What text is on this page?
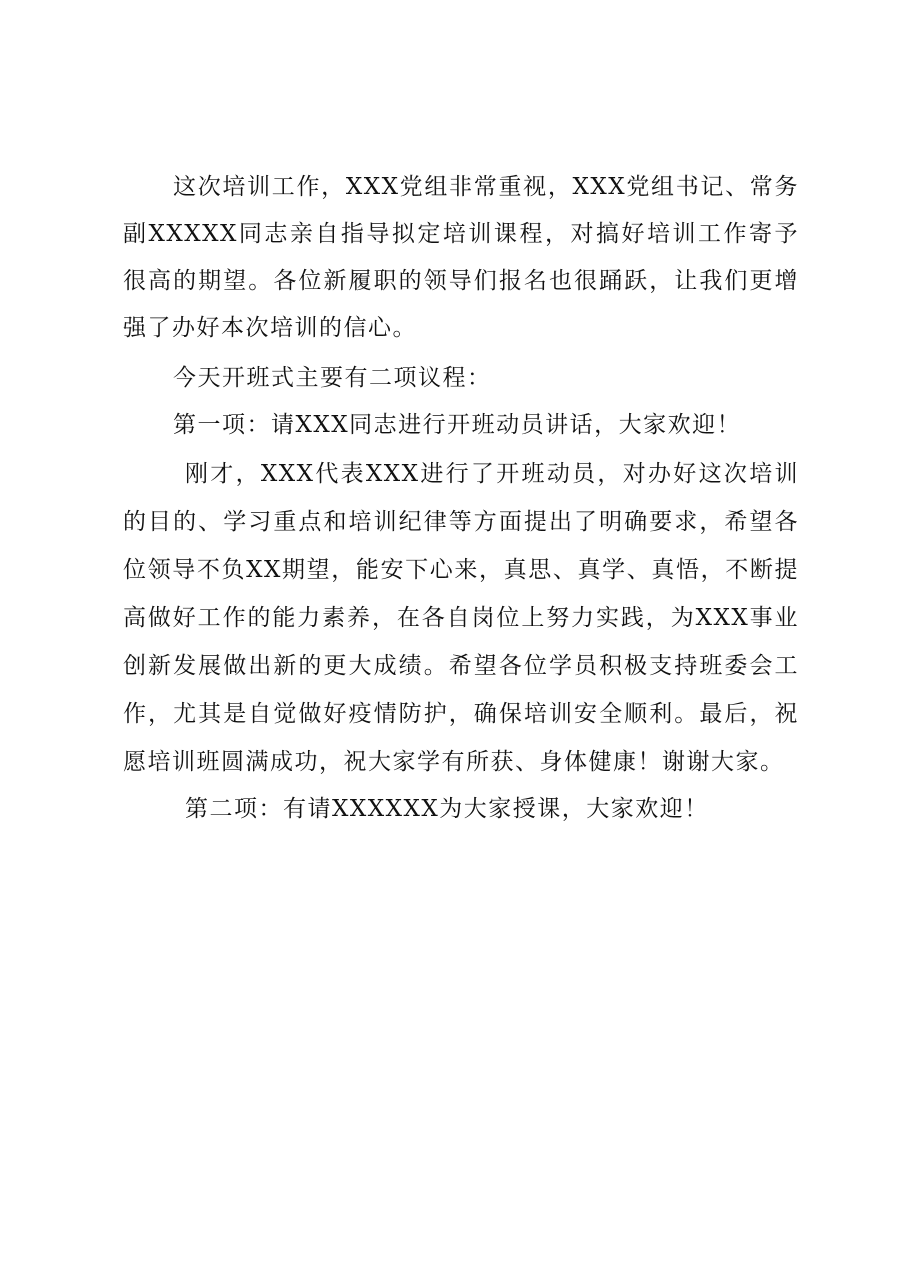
这次培训工作，XXX党组非常重视，XXX党组书记、常务副XXXXX同志亲自指导拟定培训课程，对搞好培训工作寄予很高的期望。各位新履职的领导们报名也很踊跃，让我们更增强了办好本次培训的信心。

今天开班式主要有二项议程：

第一项：请XXX同志进行开班动员讲话，大家欢迎！

刚才，XXX代表XXX进行了开班动员，对办好这次培训的目的、学习重点和培训纪律等方面提出了明确要求，希望各位领导不负XX期望，能安下心来，真思、真学、真悟，不断提高做好工作的能力素养，在各自岗位上努力实践，为XXX事业创新发展做出新的更大成绩。希望各位学员积极支持班委会工作，尤其是自觉做好疫情防护，确保培训安全顺利。最后，祝愿培训班圆满成功，祝大家学有所获、身体健康！谢谢大家。

第二项：有请XXXXXX为大家授课，大家欢迎！
